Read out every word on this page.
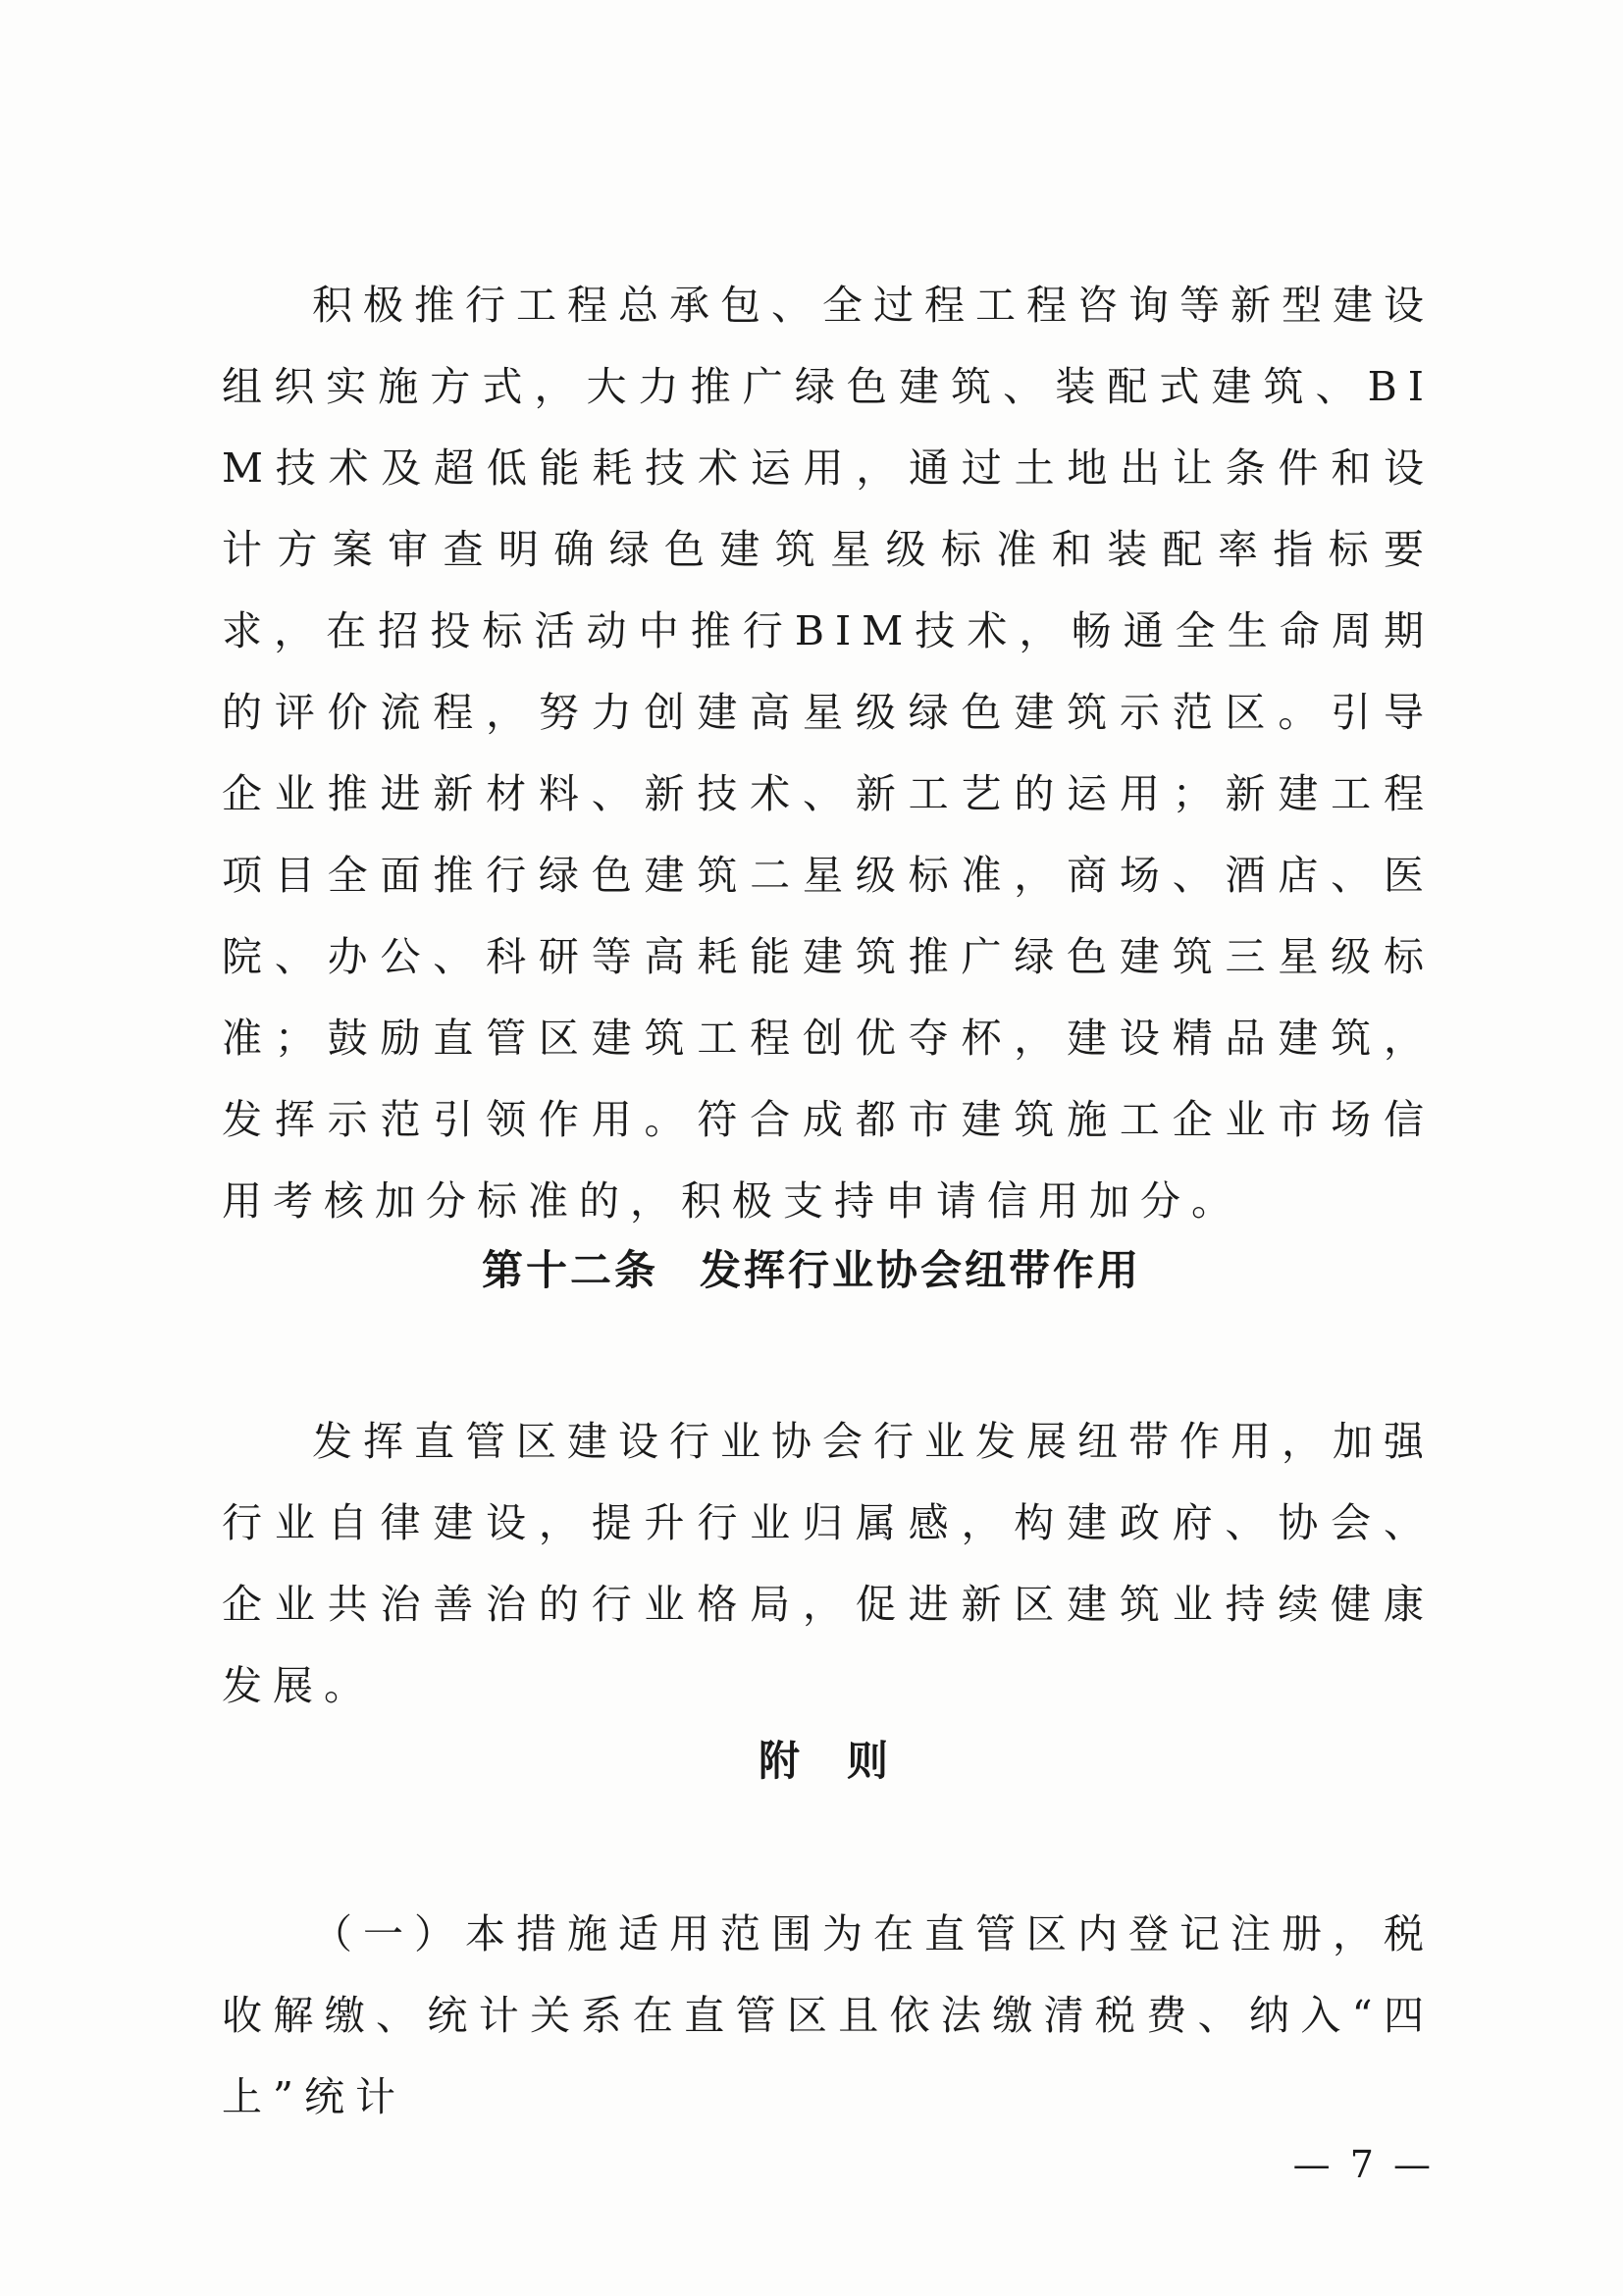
积极推行工程总承包、全过程工程咨询等新型建设组织实施方式，大力推广绿色建筑、装配式建筑、BIM技术及超低能耗技术运用，通过土地出让条件和设计方案审查明确绿色建筑星级标准和装配率指标要求，在招投标活动中推行BIM技术，畅通全生命周期的评价流程，努力创建高星级绿色建筑示范区。引导企业推进新材料、新技术、新工艺的运用；新建工程项目全面推行绿色建筑二星级标准，商场、酒店、医院、办公、科研等高耗能建筑推广绿色建筑三星级标准；鼓励直管区建筑工程创优夺杯，建设精品建筑，发挥示范引领作用。符合成都市建筑施工企业市场信用考核加分标准的，积极支持申请信用加分。

第十二条 发挥行业协会纽带作用

发挥直管区建设行业协会行业发展纽带作用，加强行业自律建设，提升行业归属感，构建政府、协会、企业共治善治的行业格局，促进新区建筑业持续健康发展。

附则

（一）本措施适用范围为在直管区内登记注册，税收解缴、统计关系在直管区且依法缴清税费、纳入“四上”统计

— 7 —
